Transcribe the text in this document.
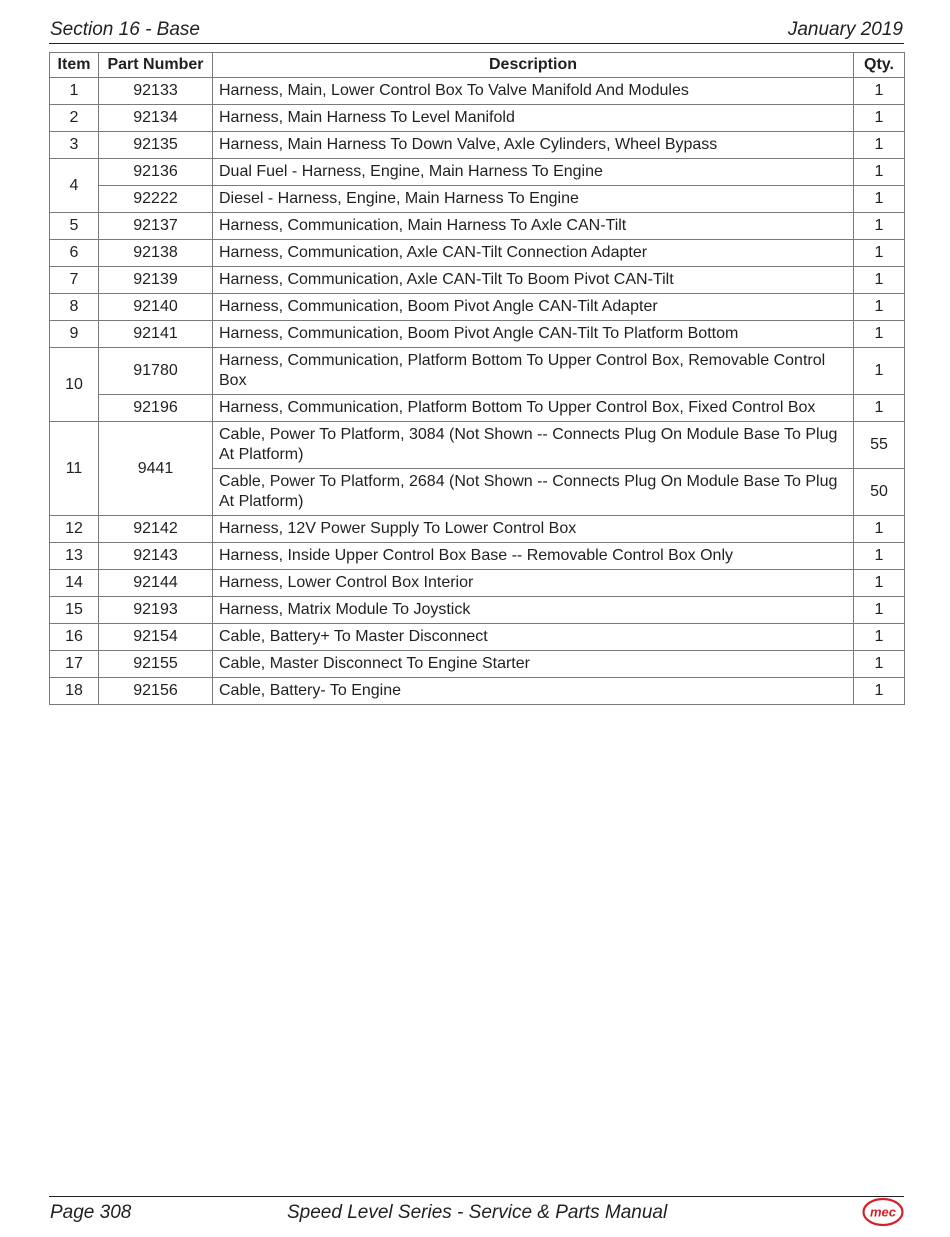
Section 16 - Base	January 2019
Item	Part Number	Description	Qty.
1	92133	Harness, Main, Lower Control Box To Valve Manifold And Modules	1
2	92134	Harness, Main Harness To Level Manifold	1
3	92135	Harness, Main Harness To Down Valve, Axle Cylinders, Wheel Bypass	1
4	92136	Dual Fuel - Harness, Engine, Main Harness To Engine	1
	92222	Diesel - Harness, Engine, Main Harness To Engine	1
5	92137	Harness, Communication, Main Harness To Axle CAN-Tilt	1
6	92138	Harness, Communication, Axle CAN-Tilt Connection Adapter	1
7	92139	Harness, Communication, Axle CAN-Tilt To Boom Pivot CAN-Tilt	1
8	92140	Harness, Communication, Boom Pivot Angle CAN-Tilt Adapter	1
9	92141	Harness, Communication, Boom Pivot Angle CAN-Tilt To Platform Bottom	1
10	91780	Harness, Communication, Platform Bottom To Upper Control Box, Removable Control Box	1
	92196	Harness, Communication, Platform Bottom To Upper Control Box, Fixed Control Box	1
11	9441	Cable, Power To Platform, 3084 (Not Shown -- Connects Plug On Module Base To Plug At Platform)	55
		Cable, Power To Platform, 2684 (Not Shown -- Connects Plug On Module Base To Plug At Platform)	50
12	92142	Harness, 12V Power Supply To Lower Control Box	1
13	92143	Harness, Inside Upper Control Box Base -- Removable Control Box Only	1
14	92144	Harness, Lower Control Box Interior	1
15	92193	Harness, Matrix Module To Joystick	1
16	92154	Cable, Battery+ To Master Disconnect	1
17	92155	Cable, Master Disconnect To Engine Starter	1
18	92156	Cable, Battery- To Engine	1
Page 308	Speed Level Series - Service & Parts Manual	mec
